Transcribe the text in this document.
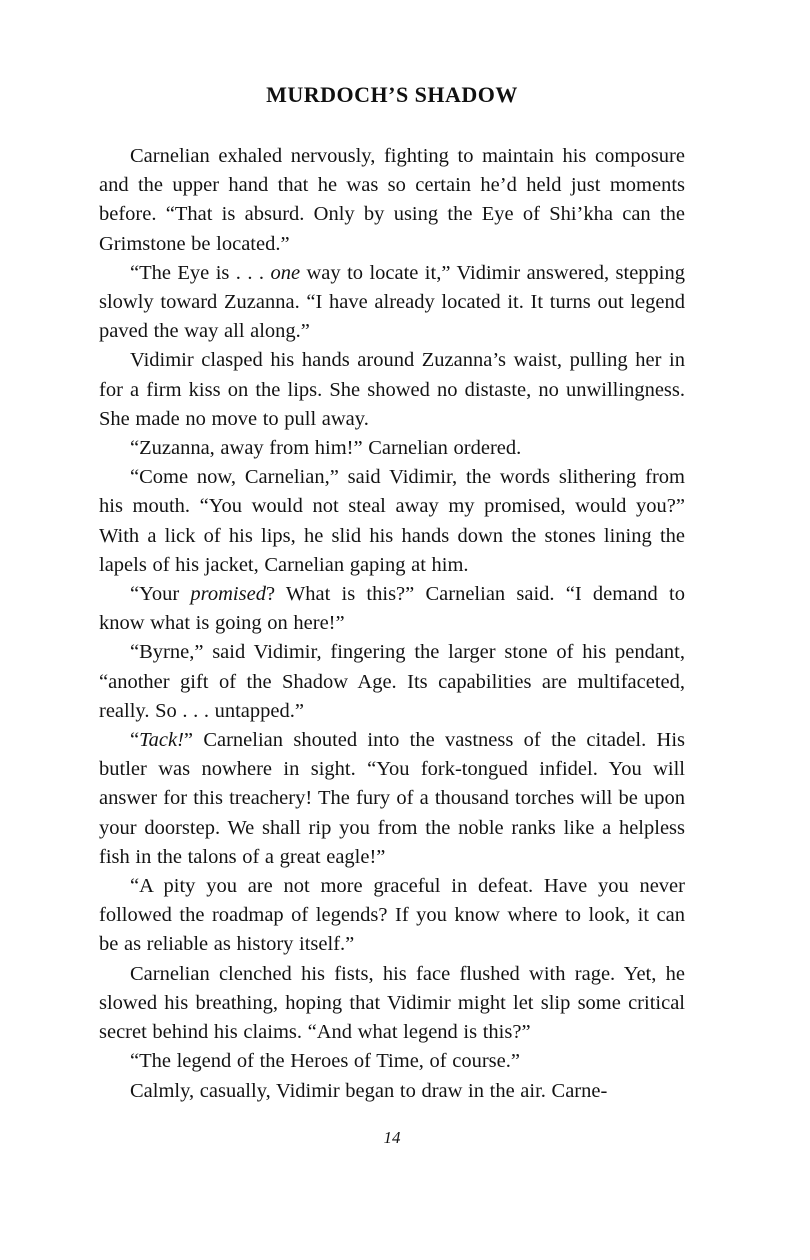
MURDOCH’S SHADOW

Carnelian exhaled nervously, fighting to maintain his composure and the upper hand that he was so certain he’d held just moments before. “That is absurd. Only by using the Eye of Shi’kha can the Grimstone be located.”

“The Eye is . . . one way to locate it,” Vidimir answered, stepping slowly toward Zuzanna. “I have already located it. It turns out legend paved the way all along.”

Vidimir clasped his hands around Zuzanna’s waist, pulling her in for a firm kiss on the lips. She showed no distaste, no unwillingness. She made no move to pull away.

“Zuzanna, away from him!” Carnelian ordered.

“Come now, Carnelian,” said Vidimir, the words slithering from his mouth. “You would not steal away my promised, would you?” With a lick of his lips, he slid his hands down the stones lining the lapels of his jacket, Carnelian gaping at him.

“Your promised? What is this?” Carnelian said. “I demand to know what is going on here!”

“Byrne,” said Vidimir, fingering the larger stone of his pendant, “another gift of the Shadow Age. Its capabilities are multifaceted, really. So . . . untapped.”

“Tack!” Carnelian shouted into the vastness of the citadel. His butler was nowhere in sight. “You fork-tongued infidel. You will answer for this treachery! The fury of a thousand torches will be upon your doorstep. We shall rip you from the noble ranks like a helpless fish in the talons of a great eagle!”

“A pity you are not more graceful in defeat. Have you never followed the roadmap of legends? If you know where to look, it can be as reliable as history itself.”

Carnelian clenched his fists, his face flushed with rage. Yet, he slowed his breathing, hoping that Vidimir might let slip some critical secret behind his claims. “And what legend is this?”

“The legend of the Heroes of Time, of course.”

Calmly, casually, Vidimir began to draw in the air. Carne-

14
